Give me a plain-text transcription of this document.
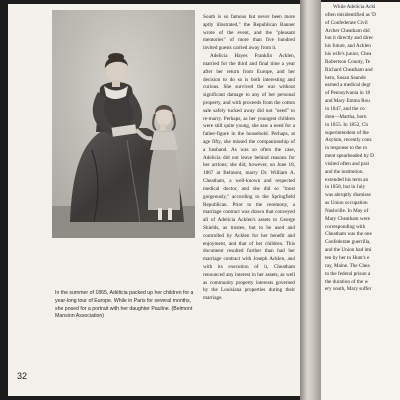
In the summer of 1865, Adélicia packed up her children for a year-long tour of Europe. While in Paris for several months, she posed for a portrait with her daughter Pauline. (Belmont Mansion Association)
32

South is so famous but never been more aptly illustrated," the Republican Banner wrote of the event, and the "pleasant memories" of more than five hundred invited guests carried away from it.

Adelicia Hayes Franklin Acklen, married for the third and final time a year after her return from Europe, and her decision to do so is both interesting and curious. She survived the war without significant damage to any of her personal property, and with proceeds from the cotton sale safely tucked away did not "need" to re-marry. Perhaps, as her youngest children were still quite young, she saw a need for a father-figure in the household. Perhaps, at age fifty, she missed the companionship of a husband. As was so often the case, Adelicia did not leave behind reasons for her actions; she did, however, on June 18, 1867 at Belmont, marry Dr. William A. Cheatham, a well-known and respected medical doctor, and she did so "most gorgeously," according to the Springfield Republican. Prior to the ceremony, a marriage contract was drawn that conveyed all of Adelicia Acklen's assets to George Shields, as trustee, but to be used and controlled by Acklen for her benefit and enjoyment, and that of her children. This document resulted further than had her marriage contract with Joseph Acklen, and with its execution of it, Cheatham renounced any interest in her assets, as well as community property interests governed by the Louisiana properties during their marriage.

While Adelicia Ackl
often misidentified as 'D
of Confederate Civil
Archer Cheatham did
but it directly and direc
his future, and Acklen
his wife's junior, Chea
Robertson County, Te
Richard Cheatham and
hero, Susan Saunde
earned a medical degr
of Pennsylvania in 18
and Mary Emma Rou
in 1847, and the co
dren—Martha, born
in 1855. In 1852, Ch
superintendent of the
Asylum, recently cons
in response to the ro
ment spearheaded by D
visited often and prai
and the institution.
extended his term an
in 1858, but in July
was abruptly dismisse
as Union occupation
Nashville. In May of
Mary Cheatham were
corresponding with
Cheatham was the one
Confederate guerrilla,
and the Union had imi
ten by her to Hunt's e
ray, Maine. The Chea
to the federal prison a
the duration of the w
ery south, Mary suffer
